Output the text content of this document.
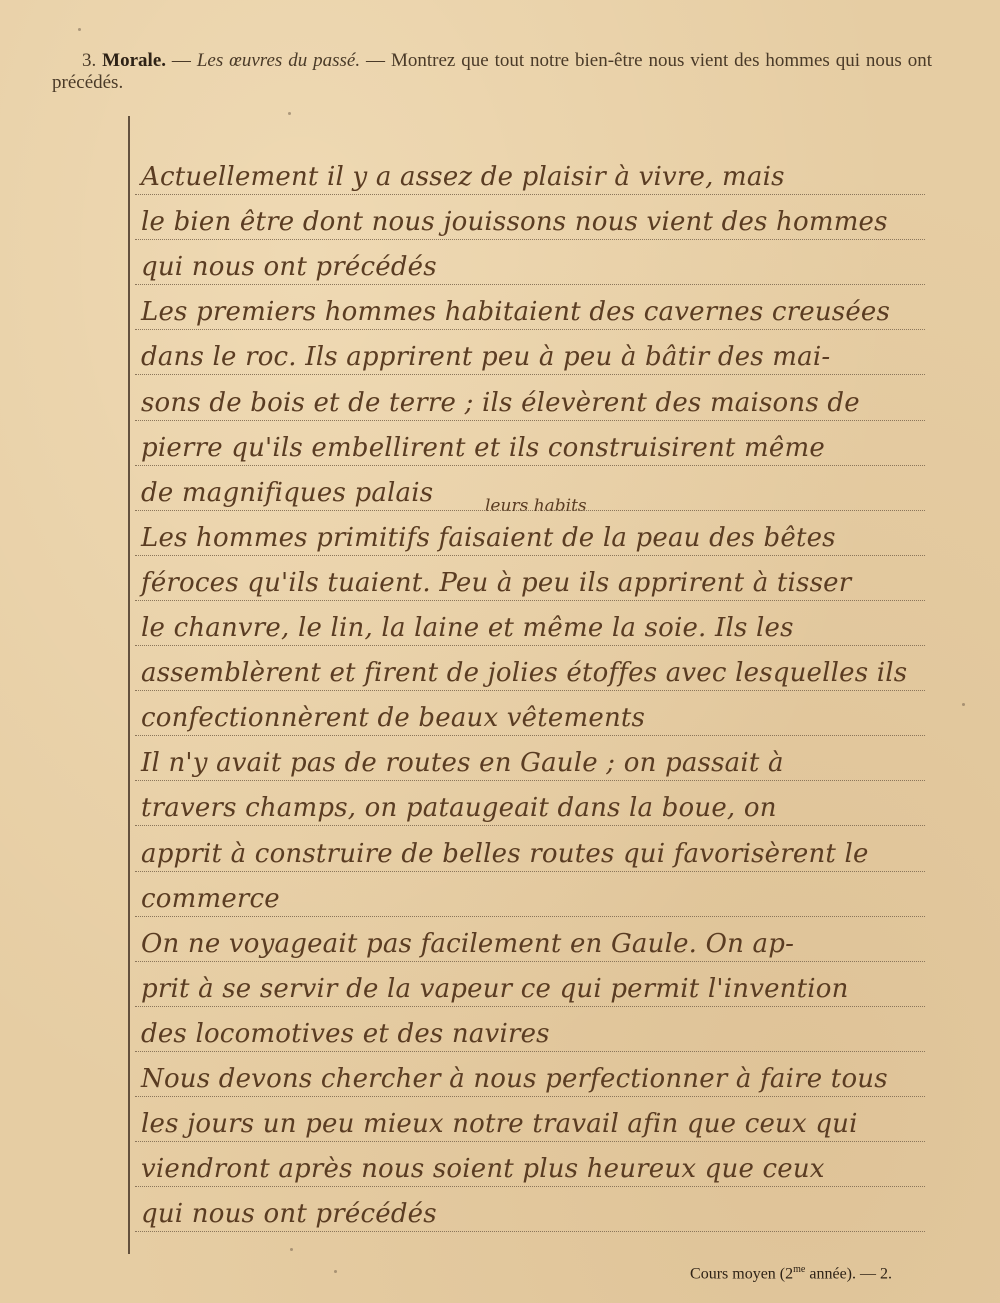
3. Morale. — Les œuvres du passé. — Montrez que tout notre bien-être nous vient des hommes qui nous ont précédés.
leurs habits
Actuellement il y a assez de plaisir à vivre, mais
le bien être dont nous jouissons nous vient des hommes
qui nous ont précédés
Les premiers hommes habitaient des cavernes creusées
dans le roc. Ils apprirent peu à peu à bâtir des mai-
sons de bois et de terre ; ils élevèrent des maisons de
pierre qu'ils embellirent et ils construisirent même
de magnifiques palais
Les hommes primitifs faisaient de la peau des bêtes
féroces qu'ils tuaient. Peu à peu ils apprirent à tisser
le chanvre, le lin, la laine et même la soie. Ils les
assemblèrent et firent de jolies étoffes avec lesquelles ils
confectionnèrent de beaux vêtements
Il n'y avait pas de routes en Gaule ; on passait à
travers champs, on pataugeait dans la boue, on
apprit à construire de belles routes qui favorisèrent le
commerce
On ne voyageait pas facilement en Gaule. On ap-
prit à se servir de la vapeur ce qui permit l'invention
des locomotives et des navires
Nous devons chercher à nous perfectionner à faire tous
les jours un peu mieux notre travail afin que ceux qui
viendront après nous soient plus heureux que ceux
qui nous ont précédés
Cours moyen ($2^{me}$ année). — 2.
